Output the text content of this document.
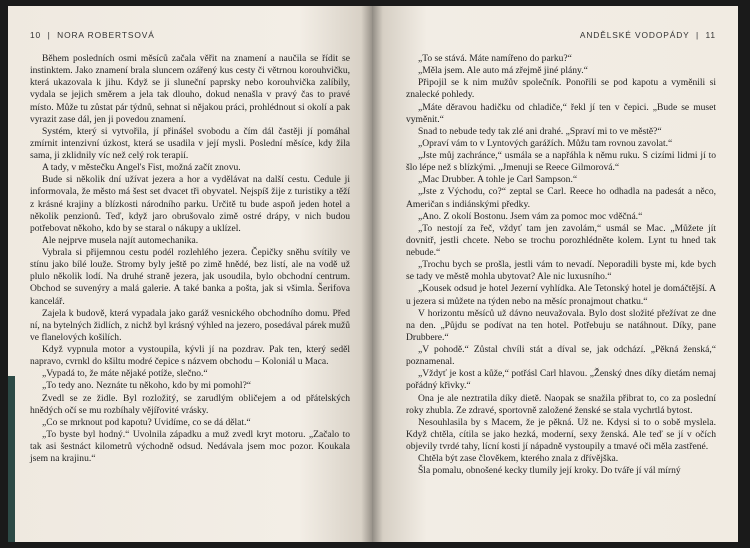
10  |  NORA ROBERTSOVÁ

Během posledních osmi měsíců začala věřit na znamení a naučila se řídit se instinktem. Jako znamení brala sluncem ozářený kus cesty či větrnou korouhvičku, která ukazovala k jihu. Když se ji sluneční paprsky nebo korouhvička zalíbily, vydala se jejich směrem a jela tak dlouho, dokud nenašla v pravý čas to pravé místo. Může tu zůstat pár týdnů, sehnat si nějakou práci, prohlédnout si okolí a pak vyrazit zase dál, jen ji povedou znamení.

Systém, který si vytvořila, jí přinášel svobodu a čím dál častěji jí pomáhal zmírnit intenzivní úzkost, která se usadila v její mysli. Poslední měsíce, kdy žila sama, ji zklidnily víc než celý rok terapií.

A tady, v městečku Angel's Fist, možná začít znovu.

Bude si několik dní užívat jezera a hor a vydělávat na další cestu. Cedule ji informovala, že město má šest set dvacet tři obyvatel. Nejspíš žije z turistiky a těží z krásné krajiny a blízkosti národního parku. Určitě tu bude aspoň jeden hotel a několik penzionů. Teď, když jaro obrušovalo zimě ostré drápy, v nich budou potřebovat někoho, kdo by se staral o nákupy a uklízel.

Ale nejprve musela najít automechanika.

Vybrala si přijemnou cestu podél rozlehlého jezera. Čepičky sněhu svítily ve stínu jako bílé louže. Stromy byly ještě po zimě hnědé, bez listí, ale na vodě už plulo několik lodí. Na druhé straně jezera, jak usoudila, bylo obchodní centrum. Obchod se suvenýry a malá galerie. A také banka a pošta, jak si všimla. Šerifova kancelář.

Zajela k budově, která vypadala jako garáž vesnického obchodního domu. Před ní, na bytelných židlích, z nichž byl krásný výhled na jezero, posedával párek mužů ve flanelových košilích.

Když vypnula motor a vystoupila, kývli jí na pozdrav. Pak ten, který seděl napravo, cvrnkl do kšiltu modré čepice s názvem obchodu – Koloniál u Maca.

„Vypadá to, že máte nějaké potíže, slečno.“

„To tedy ano. Neznáte tu někoho, kdo by mi pomohl?“

Zvedl se ze židle. Byl rozložitý, se zarudlým obličejem a od přátelských hnědých očí se mu rozbíhaly vějířovité vrásky.

„Co se mrknout pod kapotu? Uvidíme, co se dá dělat.“

„To byste byl hodný.“ Uvolnila západku a muž zvedl kryt motoru. „Začalo to tak asi šestnáct kilometrů východně odsud. Nedávala jsem moc pozor. Koukala jsem na krajinu.“

ANDĚLSKÉ VODOPÁDY  |  11

„To se stává. Máte namířeno do parku?“

„Měla jsem. Ale auto má zřejmě jiné plány.“

Připojil se k nim mužův společník. Ponořili se pod kapotu a vyměnili si znalecké pohledy.

„Máte děravou hadičku od chladiče,“ řekl jí ten v čepici. „Bude se muset vyměnit.“

Snad to nebude tedy tak zlé ani drahé. „Spraví mi to ve městě?“

„Opraví vám to v Lyntových garážích. Můžu tam rovnou zavolat.“

„Jste můj zachránce,“ usmála se a napřáhla k němu ruku. S cizími lidmi jí to šlo lépe než s blízkými. „Jmenuji se Reece Gilmorová.“

„Mac Drubber. A tohle je Carl Sampson.“

„Jste z Východu, co?“ zeptal se Carl. Reece ho odhadla na padesát a něco, Američan s indiánskými předky.

„Ano. Z okolí Bostonu. Jsem vám za pomoc moc vděčná.“

„To nestojí za řeč, vždyť tam jen zavolám,“ usmál se Mac. „Můžete jít dovnitř, jestli chcete. Nebo se trochu porozhlédněte kolem. Lynt tu hned tak nebude.“

„Trochu bych se prošla, jestli vám to nevadí. Neporadili byste mi, kde bych se tady ve městě mohla ubytovat? Ale nic luxusního.“

„Kousek odsud je hotel Jezerní vyhlídka. Ale Tetonský hotel je domáčtější. A u jezera si můžete na týden nebo na měsíc pronajmout chatku.“

V horizontu měsíců už dávno neuvažovala. Bylo dost složité přežívat ze dne na den. „Půjdu se podívat na ten hotel. Potřebuju se natáhnout. Díky, pane Drubbere.“

„V pohodě.“ Zůstal chvíli stát a díval se, jak odchází. „Pěkná ženská,“ poznamenal.

„Vždyť je kost a kůže,“ potřásl Carl hlavou. „Ženský dnes díky dietám nemaj pořádný křivky.“

Ona je ale neztratila díky dietě. Naopak se snažila přibrat to, co za poslední roky zhubla. Ze zdravé, sportovně založené ženské se stala vychrtlá bytost.

Nesouhlasila by s Macem, že je pěkná. Už ne. Kdysi si to o sobě myslela. Když chtěla, cítila se jako hezká, moderní, sexy ženská. Ale teď se jí v očích objevily tvrdé tahy, lícní kosti jí nápadně vystoupily a tmavé oči měla zastřené.

Chtěla být zase člověkem, kterého znala z dřívějška.

Šla pomalu, obnošené kecky tlumily její kroky. Do tváře jí vál mírný
